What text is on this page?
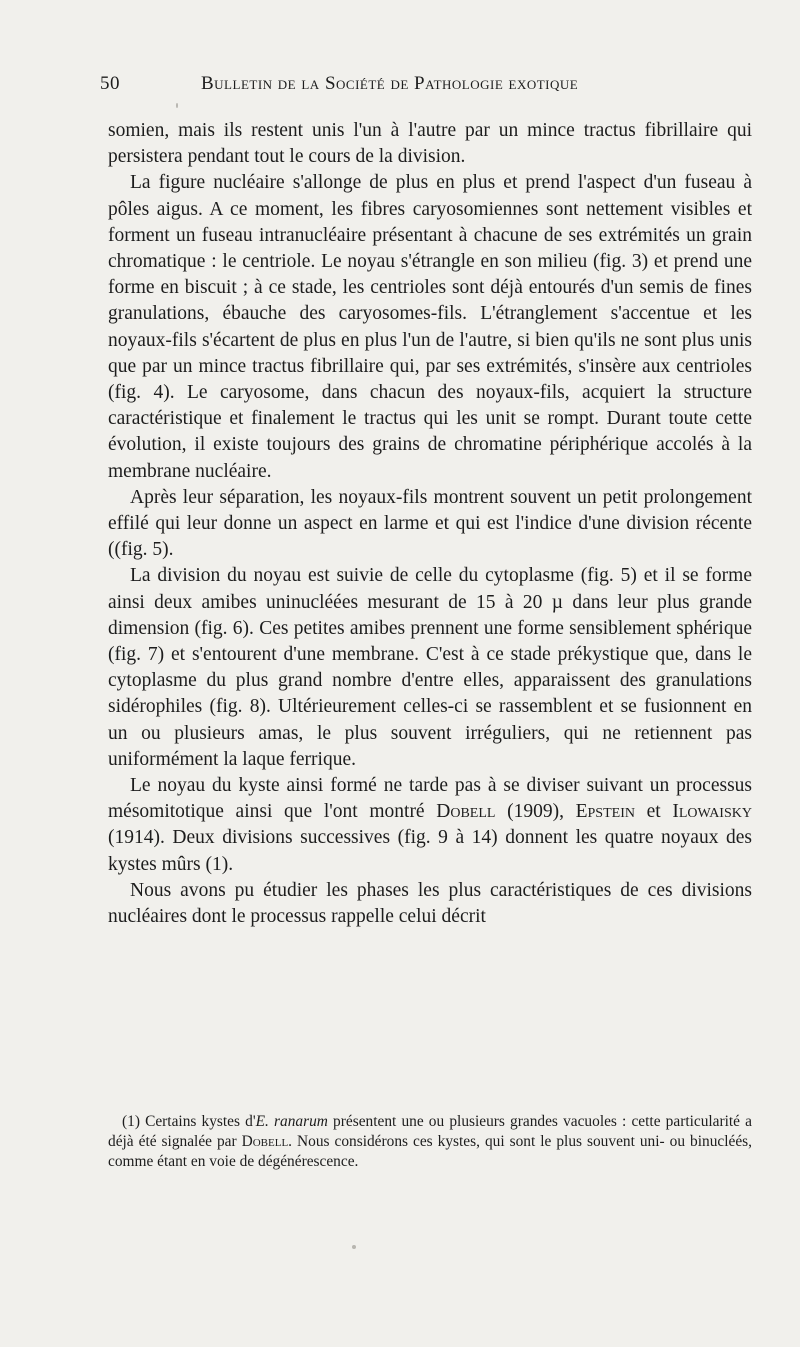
50	Bulletin de la Société de Pathologie exotique

somien, mais ils restent unis l'un à l'autre par un mince tractus fibrillaire qui persistera pendant tout le cours de la division.

La figure nucléaire s'allonge de plus en plus et prend l'aspect d'un fuseau à pôles aigus. A ce moment, les fibres caryosomiennes sont nettement visibles et forment un fuseau intranucléaire présentant à chacune de ses extrémités un grain chromatique : le centriole. Le noyau s'étrangle en son milieu (fig. 3) et prend une forme en biscuit ; à ce stade, les centrioles sont déjà entourés d'un semis de fines granulations, ébauche des caryosomes-fils. L'étranglement s'accentue et les noyaux-fils s'écartent de plus en plus l'un de l'autre, si bien qu'ils ne sont plus unis que par un mince tractus fibrillaire qui, par ses extrémités, s'insère aux centrioles (fig. 4). Le caryosome, dans chacun des noyaux-fils, acquiert la structure caractéristique et finalement le tractus qui les unit se rompt. Durant toute cette évolution, il existe toujours des grains de chromatine périphérique accolés à la membrane nucléaire.

Après leur séparation, les noyaux-fils montrent souvent un petit prolongement effilé qui leur donne un aspect en larme et qui est l'indice d'une division récente ((fig. 5).

La division du noyau est suivie de celle du cytoplasme (fig. 5) et il se forme ainsi deux amibes uninucléées mesurant de 15 à 20 µ dans leur plus grande dimension (fig. 6). Ces petites amibes prennent une forme sensiblement sphérique (fig. 7) et s'entourent d'une membrane. C'est à ce stade prékystique que, dans le cytoplasme du plus grand nombre d'entre elles, apparaissent des granulations sidérophiles (fig. 8). Ultérieurement celles-ci se rassemblent et se fusionnent en un ou plusieurs amas, le plus souvent irréguliers, qui ne retiennent pas uniformément la laque ferrique.

Le noyau du kyste ainsi formé ne tarde pas à se diviser suivant un processus mésomitotique ainsi que l'ont montré Dobell (1909), Epstein et Ilowaisky (1914). Deux divisions successives (fig. 9 à 14) donnent les quatre noyaux des kystes mûrs (1).

Nous avons pu étudier les phases les plus caractéristiques de ces divisions nucléaires dont le processus rappelle celui décrit

(1) Certains kystes d'E. ranarum présentent une ou plusieurs grandes vacuoles : cette particularité a déjà été signalée par Dobell. Nous considérons ces kystes, qui sont le plus souvent uni- ou binucléés, comme étant en voie de dégénérescence.
